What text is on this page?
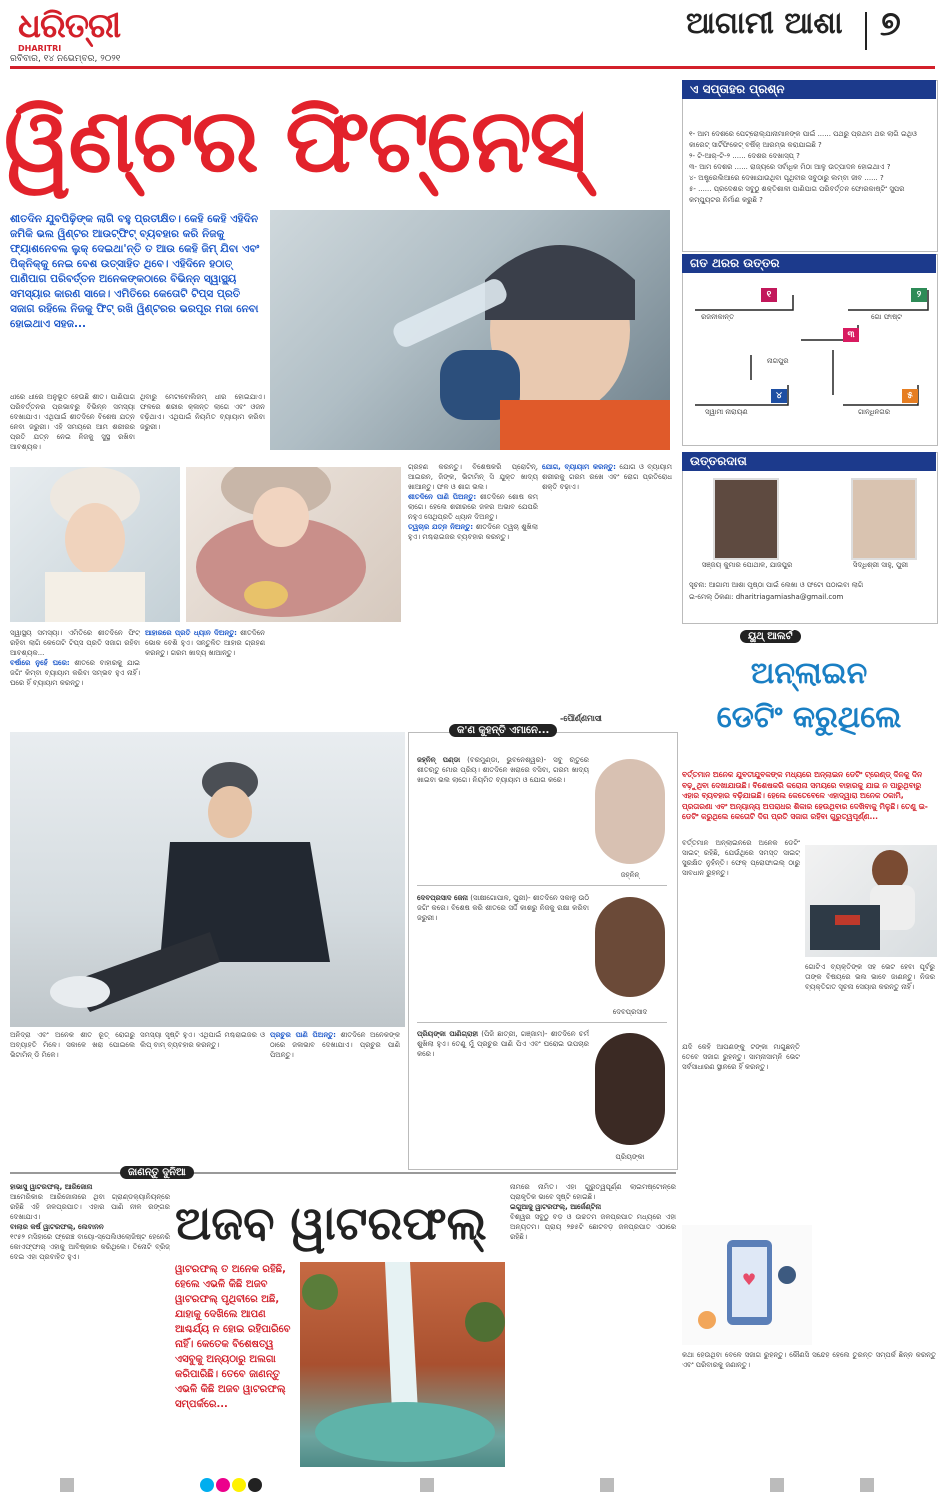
ଧରିତ୍ରୀ
DHARITRI
ରବିବାର, ୧୪ ନଭେମ୍ବର, ୨୦୨୧
ଆଗାମୀ ଆଶା ୭
ୱିଣ୍ଟର ଫିଟ୍‌ନେସ୍
ଶୀତଦିନ ଯୁବପିଢ଼ିଙ୍କ ଲାଗି ବହୁ ପ୍ରତୀକ୍ଷିତ। କେହି କେହି ଏହିଦିନ ଜମିକି ଭଲ ୱିଣ୍ଟର ଆଉଟ୍‌ଫିଟ୍ ବ୍ୟବହାର କରି ନିଜକୁ ଫ୍ୟାଶନେବଲ ଲୁକ୍ ଦେଇଥା'ନ୍ତି ତ ଆଉ କେହି ଜିମ୍ ଯିବା ଏବଂ ପିକ୍‌ନିକ୍‌କୁ ନେଇ ବେଶ ଉତ୍ସାହିତ ଥିବେ। ଏହିଦିନେ ହଠାତ୍ ପାଣିପାଗ ପରିବର୍ତ୍ତନ ଅନେକଙ୍କଠାରେ ବିଭିନ୍ନ ସ୍ୱାସ୍ଥ୍ୟ ସମସ୍ୟାର କାରଣ ସାଜେ। ଏମିତିରେ କେତୋଟି ଟିପ୍ସ ପ୍ରତି ସଜାଗ ରହିଲେ ନିଜକୁ ଫିଟ୍ ରଖି ୱିଣ୍ଟରର ଭରପୂର ମଜା ନେବା ହୋଇଥାଏ ସହଜ...
ଧୀରେ ଧୀରେ ଅନୁଭୂତ ହେଉଛି ଶୀତ। ପାଣିପାଗ ପରିବର୍ତ୍ତନର ପ୍ରଭାବରୁ ବିଭିନ୍ନ ସମସ୍ୟା ଦେଖାଯାଏ। ଏଥିପାଇଁ ଶୀତଦିନେ ବିଶେଷ ଯତ୍ନ ନେବା ଜରୁରୀ। ଏହି ସମୟରେ ଆମ ଶରୀରର ପ୍ରତି ଯତ୍ନ ନେଇ ନିଜକୁ ସୁସ୍ଥ ରଖିବା ଆବଶ୍ୟକ।
ଥିବାରୁ ମେଟାବୋଲିଜମ୍ ଧୀର ହୋଇଯାଏ। ଫଳରେ ଶରୀର କ୍ଳାନ୍ତ ଲାଗେ ଏବଂ ଓଜନ ବଢ଼ିଥାଏ। ଏଥିପାଇଁ ନିୟମିତ ବ୍ୟାୟାମ କରିବା ଜରୁରୀ।
ଗ୍ରହଣ କରନ୍ତୁ। ବିଶେଷକରି ପ୍ରୋଟିନ୍, ଆଇରନ, ଜିଙ୍କ, ଭିଟାମିନ୍ ସି ଯୁକ୍ତ ଖାଦ୍ୟ ଖାଆନ୍ତୁ। ଫଳ ଓ ଶାଗ ଭଲ।
ଶୀତଦିନେ ପାଣି ପିଅନ୍ତୁ: ଶୀତଦିନେ ଶୋଷ କମ୍ ଲାଗେ। ହେଲେ ଶରୀରରେ ଜଳର ଅଭାବ ଯେପରି ନହୁଏ ସେଥିପ୍ରତି ଧ୍ୟାନ ଦିଅନ୍ତୁ।
ତ୍ୱଚାର ଯତ୍ନ ନିଅନ୍ତୁ: ଶୀତଦିନେ ତ୍ୱଚା ଶୁଖିଲା ହୁଏ। ମଶ୍ଚରାଇଜର ବ୍ୟବହାର କରନ୍ତୁ।
ଯୋଗ, ବ୍ୟାୟାମ କରନ୍ତୁ: ଯୋଗ ଓ ବ୍ୟାୟାମ ଶରୀରକୁ ଗରମ ରଖେ ଏବଂ ରୋଗ ପ୍ରତିରୋଧ ଶକ୍ତି ବଢ଼ାଏ।
-ପୌର୍ଣ୍ଣମାସୀ
ସ୍ୱାସ୍ଥ୍ୟ ସମସ୍ୟା। ଏମିତିରେ ଶୀତଦିନେ ଫିଟ୍ ରହିବା ଲାଗି କେତୋଟି ଟିପ୍ସ ପ୍ରତି ସଜାଗ ରହିବା ଆବଶ୍ୟକ...
ବର୍ଷାରେ ନୁହେଁ ଘରେ: ଶୀତରେ ବାହାରକୁ ଯାଇ ଜଗିଂ କିମ୍ବା ବ୍ୟାୟାମ କରିବା ସମ୍ଭବ ହୁଏ ନାହିଁ। ଘରେ ହିଁ ବ୍ୟାୟାମ କରନ୍ତୁ।
ଆହାରରେ ପ୍ରତି ଧ୍ୟାନ ଦିଅନ୍ତୁ: ଶୀତଦିନେ ଭୋକ ବେଶି ହୁଏ। ସନ୍ତୁଳିତ ଆହାର ଗ୍ରହଣ କରନ୍ତୁ। ଗରମ ଖାଦ୍ୟ ଖାଆନ୍ତୁ।
ଅନିଦ୍ରା ଏବଂ ଅନେକ ଶୀତ ରୂତ୍ ରୋଗରୁ ଅବ୍ୟାହତି ମିଳେ। ସକାଳେ ଖରା ପୋଇଲେ ଭିଟାମିନ୍ ଡି ମିଳେ।
ସମସ୍ୟା ସୃଷ୍ଟି ହୁଏ। ଏଥିପାଇଁ ମଶ୍ଚରାଇଜର ଓ ଲିପ୍ ବାମ୍ ବ୍ୟବହାର କରନ୍ତୁ।
ପ୍ରଚୁର ପାଣି ପିଅନ୍ତୁ: ଶୀତଦିନେ ଅନେକଙ୍କ ଠାରେ ଜଳାଭାବ ଦେଖାଯାଏ। ପ୍ରଚୁର ପାଣି ପିଅନ୍ତୁ।
କ'ଣ କୁହନ୍ତି ଏମାନେ...
ଜହ୍ନିନ୍ ପଣ୍ଡା (ବରମୁଣ୍ଡା, ଭୁବନେଶ୍ୱର)- ସବୁ ଋତୁରେ ଶୀତଋତୁ ମୋର ପ୍ରିୟ। ଶୀତଦିନେ ଖରାରେ ବସିବା, ଗରମ ଖାଦ୍ୟ ଖାଇବା ଭଲ ଲାଗେ। ନିୟମିତ ବ୍ୟାୟାମ ଓ ଯୋଗ କରେ।
ଜହ୍ନିନ୍
ଦେବପ୍ରସାଦ ଜେନା (ସାକ୍ଷୀଗୋପାଳ, ପୁରୀ)- ଶୀତଦିନେ ସକାଳୁ ଉଠି ଜଗିଂ କରେ। ବିଶେଷ କରି ଶୀତରେ ସର୍ଦ୍ଦି କାଶରୁ ନିଜକୁ ରକ୍ଷା କରିବା ଜରୁରୀ।
ଦେବପ୍ରସାଦ
ପ୍ରିୟଙ୍କା ପାଣିଗ୍ରାହୀ (ପିଜି ଛାତ୍ରୀ, ଗଞ୍ଜାମ)- ଶୀତଦିନେ ଚର୍ମ ଶୁଖିଲା ହୁଏ। ତେଣୁ ମୁଁ ପ୍ରଚୁର ପାଣି ପିଏ ଏବଂ ଘରୋଇ ଉପଚାର କରେ।
ପ୍ରିୟଙ୍କା
ଏ ସପ୍ତାହର ପ୍ରଶ୍ନ
୧- ଆମ ଦେଶରେ ପେଟ୍ରୋଲ୍‌ଯାନାମାନଙ୍କ ପାଇଁ ...... ପଥରୁ ପ୍ରଥମ ଥର ଲାଗି ଇଥିଓ କାରେଟ୍ ସାର୍ଟିଫିକେଟ୍ ବର୍ଷିକ୍ ଆରମ୍ଭ କରାଯାଇଛି ?
୨- ଟି-ଆର୍-ଟି-୨ ...... ଦେଶର ଦେଖାସ୍‌ପ୍ ?
୩- ଆମ ଦେଶର ...... ରାଜ୍ୟରେ ସର୍ବାଧିକ ମିଠା ଆଳୁ ଉତ୍ପାଦନ ହୋଇଥାଏ ?
୪- ଅଷ୍ଟ୍ରେଲିଆରେ ଦେଖାଯାଉଥିବା ପୃଥିବୀର ସବୁଠାରୁ ଲମ୍ବା ଜୀବ ...... ?
୫- ...... ପ୍ରଦେଶର ସବୁଠୁ ଶକ୍ତିଶାଳୀ ପାଣିପାଗ ପରିବର୍ତ୍ତନ ଫୋରକାଷ୍ଟିଂ ସୁପର କମ୍ପ୍ୟୁଟର ନିର୍ମାଣ କରୁଛି ?
ଗତ ଥରର ଉତ୍ତର
୧
ରଜନୀକାନ୍ତ
୨
ଗୋ ଫାଷ୍ଟ
୩
ନାଗପୁର
୪
ସ୍ୱାମୀ ନାରାୟଣ
୫
ଗାନ୍ଧିନଗର
ଉତ୍ତରଦାତା
ସଞ୍ଜୟ କୁମାର ପୋଥାଳ, ଯାଜପୁର	ସିଦ୍ଧିଶ୍ରୀ ସାହୁ, ପୁରୀ
ସୂଚନା: ଆଗାମୀ ଆଶା ପୃଷ୍ଠା ପାଇଁ ଲେଖା ଓ ଫଟୋ ପଠାଇବା ଲାଗି
ଇ-ମେଲ୍ ଠିକଣା: dharitriagamiasha@gmail.com
ୟୁଥ୍ ଆଲର୍ଟ
ଅନ୍‌ଲାଇନ
ଡେଟିଂ କରୁଥିଲେ
ବର୍ତ୍ତମାନ ଅନେକ ଯୁବତୀଯୁବକଙ୍କ ମଧ୍ୟରେ ଅନ୍‌ଲାଇନ ଡେଟିଂ ଟ୍ରେଣ୍ଡ୍ ଦିନକୁ ଦିନ ବଢ଼ୁଥିବା ଦେଖାଯାଉଛି। ବିଶେଷକରି କରୋନା ସମୟରେ ବାହାରକୁ ଯାଇ ନ ପାରୁଥିବାରୁ ଏହାର ବ୍ୟବହାର ବଢ଼ିଯାଇଛି। ହେଲେ କେତେବେଳେ ଏହାଦ୍ୱାରା ଅନେକ ଠକାମି, ପ୍ରତାରଣା ଏବଂ ଅନ୍ୟାନ୍ୟ ଅପରାଧର ଶିକାର ହେଉଥିବାର ଦେଖିବାକୁ ମିଳୁଛି। ତେଣୁ ଇ-ଡେଟିଂ କରୁଥିଲେ କେତୋଟି ଦିଗ ପ୍ରତି ସଜାଗ ରହିବା ଗୁରୁତ୍ୱପୂର୍ଣ୍ଣ...
ବର୍ତ୍ତମାନ ଅନ୍‌ଲାଇନରେ ଅନେକ ଡେଟିଂ ସାଇଟ୍ ରହିଛି, ଯେଉଁଥିରେ ସମସ୍ତ ସାଇଟ୍ ସୁରକ୍ଷିତ ନୁହଁନ୍ତି। ଫେକ୍ ପ୍ରୋଫାଇଲ୍ ଠାରୁ ସାବଧାନ ରୁହନ୍ତୁ।
ଗୋଟିଏ ବ୍ୟକ୍ତିଙ୍କ ସହ ଭେଟ ହେବା ପୂର୍ବରୁ ତାଙ୍କ ବିଷୟରେ ଭଲ ଭାବେ ଜାଣନ୍ତୁ। ନିଜର ବ୍ୟକ୍ତିଗତ ସୂଚନା ସେୟାର କରନ୍ତୁ ନାହିଁ।
ଯଦି କେହି ଆପଣଙ୍କୁ ଟଙ୍କା ମାଗୁଛନ୍ତି ତେବେ ସଜାଗ ରୁହନ୍ତୁ। ସାମ୍ନାସାମ୍ନି ଭେଟ ସର୍ବସାଧାରଣ ସ୍ଥାନରେ ହିଁ କରନ୍ତୁ।
♥
କଥା ହେଉଥିବା ବେଳେ ସଜାଗ ରୁହନ୍ତୁ। କୌଣସି ସନ୍ଦେହ ହେଲେ ତୁରନ୍ତ ସମ୍ପର୍କ ଛିନ୍ନ କରନ୍ତୁ ଏବଂ ପରିବାରକୁ ଜଣାନ୍ତୁ।
ଜାଣନ୍ତୁ ଦୁନିଆ
ଅଜବ ୱାଟରଫଲ୍
ହାଭାସୁ ୱାଟରଫଲ୍, ଆରିଜୋନା
ଆମେରିକାର ଆରିଜୋନାରେ ଥିବା ଗ୍ରାଣ୍ଡକ୍ୟାନିୟନ୍‌ରେ ରହିଛି ଏହି ଜଳପ୍ରପାତ। ଏହାର ପାଣି ନୀଳ ରଙ୍ଗର ଦେଖାଯାଏ।
ବାଲାର କର୍ଷ ୱାଟରଫଲ୍, ଲେବାନନ
୧୯୫୨ ମସିହାରେ ଫ୍ରେଞ୍ଚ ବାୟୋ-ସ୍ପେଲିଓଲୋଜିଷ୍ଟ ହେନେରି କୋଏଫ୍‌ଫାର୍ ଏହାକୁ ଆବିଷ୍କାର କରିଥିଲେ। ତିନୋଟି ବ୍ରିଜ୍ ଦେଇ ଏହା ପ୍ରବାହିତ ହୁଏ।
ୱାଟରଫଲ୍ ତ ଅନେକ ରହିଛି, ହେଲେ ଏଭଳି କିଛି ଅଜବ ୱାଟରଫଲ୍ ପୃଥିବୀରେ ଅଛି, ଯାହାକୁ ଦେଖିଲେ ଆପଣ ଆଶ୍ଚର୍ଯ୍ୟ ନ ହୋଇ ରହିପାରିବେ ନାହିଁ। କେତେକ ବିଶେଷତ୍ୱ ଏସବୁକୁ ଅନ୍ୟଠାରୁ ଅଲଗା କରିପାରିଛି। ତେବେ ଜାଣନ୍ତୁ ଏଭଳି କିଛି ଅଜବ ୱାଟରଫଲ୍ ସମ୍ପର୍କରେ...
ନାମରେ ନାମିତ। ଏହା ଗୁରୁତ୍ୱପୂର୍ଣ୍ଣ ଲାଇମଷ୍ଟୋନ୍‌ରେ ପ୍ରାକୃତିକ ଭାବେ ସୃଷ୍ଟି ହୋଇଛି।
ଇଗୁଆଜୁ ୱାଟରଫଲ୍, ଆର୍ଜେଣ୍ଟିନା
ବିଶ୍ୱର ସବୁଠୁ ବଡ଼ ଓ ଉଚ୍ଚତମ ଜଳପ୍ରପାତ ମଧ୍ୟରେ ଏହା ଅନ୍ୟତମ। ପ୍ରାୟ ୨୭୫ଟି ଛୋଟବଡ଼ ଜଳପ୍ରପାତ ଏଠାରେ ରହିଛି।
